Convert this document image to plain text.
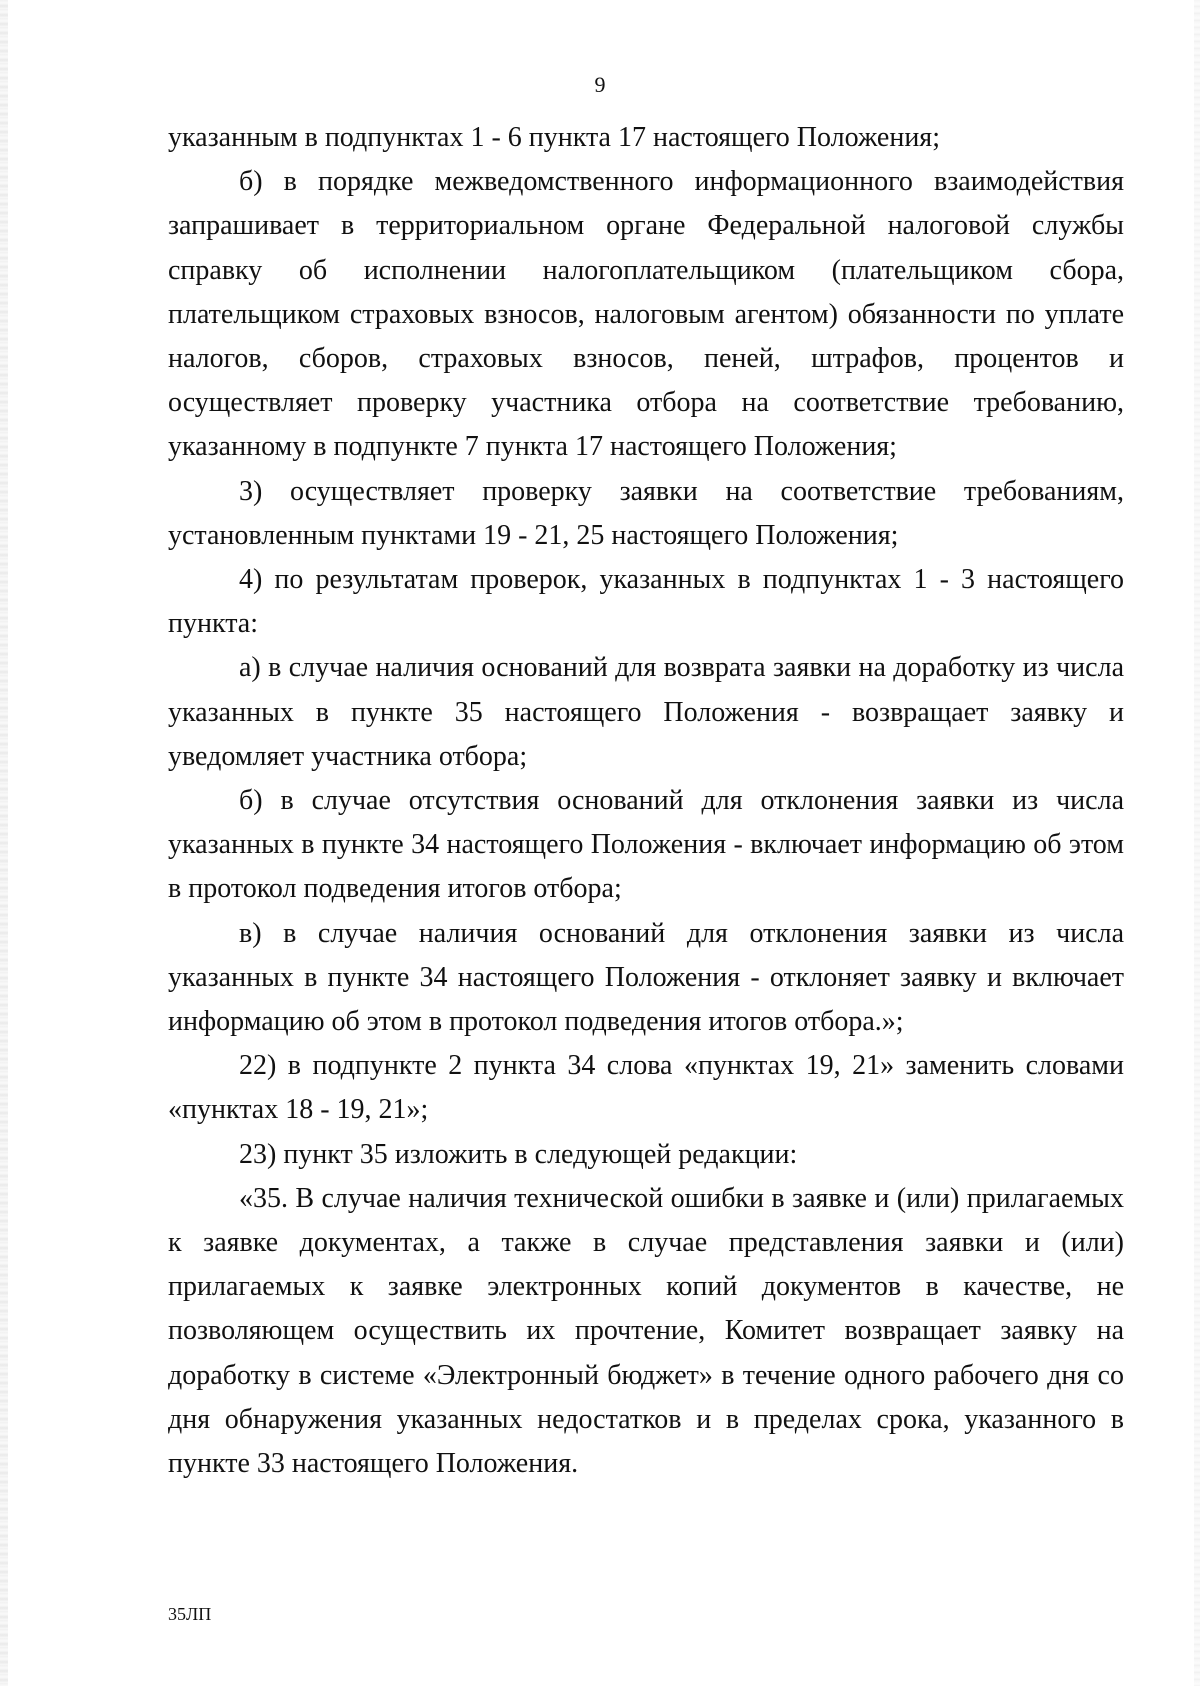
9

указанным в подпунктах 1 - 6 пункта 17 настоящего Положения;

б) в порядке межведомственного информационного взаимодействия запрашивает в территориальном органе Федеральной налоговой службы справку об исполнении налогоплательщиком (плательщиком сбора, плательщиком страховых взносов, налоговым агентом) обязанности по уплате налогов, сборов, страховых взносов, пеней, штрафов, процентов и осуществляет проверку участника отбора на соответствие требованию, указанному в подпункте 7 пункта 17 настоящего Положения;

3) осуществляет проверку заявки на соответствие требованиям, установленным пунктами 19 - 21, 25 настоящего Положения;

4) по результатам проверок, указанных в подпунктах 1 - 3 настоящего пункта:

а) в случае наличия оснований для возврата заявки на доработку из числа указанных в пункте 35 настоящего Положения - возвращает заявку и уведомляет участника отбора;

б) в случае отсутствия оснований для отклонения заявки из числа указанных в пункте 34 настоящего Положения - включает информацию об этом в протокол подведения итогов отбора;

в) в случае наличия оснований для отклонения заявки из числа указанных в пункте 34 настоящего Положения - отклоняет заявку и включает информацию об этом в протокол подведения итогов отбора.»;

22) в подпункте 2 пункта 34 слова «пунктах 19, 21» заменить словами «пунктах 18 - 19, 21»;

23) пункт 35 изложить в следующей редакции:

«35. В случае наличия технической ошибки в заявке и (или) прилагаемых к заявке документах, а также в случае представления заявки и (или) прилагаемых к заявке электронных копий документов в качестве, не позволяющем осуществить их прочтение, Комитет возвращает заявку на доработку в системе «Электронный бюджет» в течение одного рабочего дня со дня обнаружения указанных недостатков и в пределах срока, указанного в пункте 33 настоящего Положения.

35ЛП
